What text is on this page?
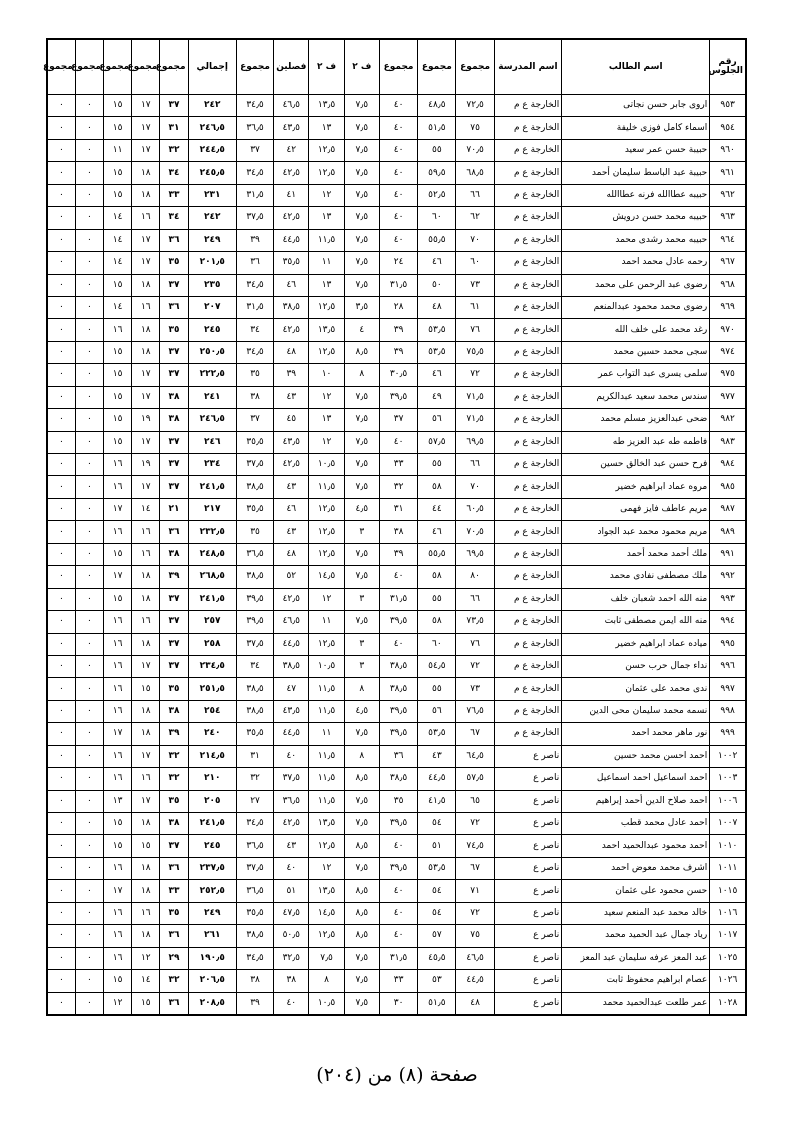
رقم الجلوس	اسم الطالب	اسم المدرسة	مجموع	مجموع	مجموع	ف ٢	ف ٢	فصلين	مجموع	إجمالي	مجموع	مجموع	مجموع	مجموع	مجموع
٩٥٣	اروى جابر حسن نجاتى	الخارجة ع م	٧٢٫٥	٤٨٫٥	٤٠	٧٫٥	١٣٫٥	٤٦٫٥	٣٤٫٥	٢٤٢	٣٧	١٧	١٥	٠	٠
٩٥٤	اسماء كامل فوزى خليفة	الخارجة ع م	٧٥	٥١٫٥	٤٠	٧٫٥	١٣	٤٣٫٥	٣٦٫٥	٢٤٦٫٥	٣١	١٧	١٥	٠	٠
٩٦٠	حبيبة حسن عمر سعيد	الخارجة ع م	٧٠٫٥	٥٥	٤٠	٧٫٥	١٢٫٥	٤٢	٣٧	٢٤٤٫٥	٣٢	١٧	١١	٠	٠
٩٦١	حبيبة عبد الباسط سليمان أحمد	الخارجة ع م	٦٨٫٥	٥٩٫٥	٤٠	٧٫٥	١٢٫٥	٤٢٫٥	٣٤٫٥	٢٤٥٫٥	٣٤	١٨	١٥	٠	٠
٩٦٢	حبيبه عطاالله فرنه عطاالله	الخارجة ع م	٦٦	٥٢٫٥	٤٠	٧٫٥	١٢	٤١	٣١٫٥	٢٣١	٣٣	١٨	١٥	٠	٠
٩٦٣	حبيبه محمد حسن درويش	الخارجة ع م	٦٢	٦٠	٤٠	٧٫٥	١٣	٤٢٫٥	٣٧٫٥	٢٤٢	٣٤	١٦	١٤	٠	٠
٩٦٤	حبيبه محمد رشدى محمد	الخارجة ع م	٧٠	٥٥٫٥	٤٠	٧٫٥	١١٫٥	٤٤٫٥	٣٩	٢٤٩	٣٦	١٧	١٤	٠	٠
٩٦٧	رحمه عادل محمد احمد	الخارجة ع م	٦٠	٤٦	٢٤	٧٫٥	١١	٣٥٫٥	٣٦	٢٠١٫٥	٣٥	١٧	١٤	٠	٠
٩٦٨	رضوى عبد الرحمن على محمد	الخارجة ع م	٧٣	٥٠	٣١٫٥	٧٫٥	١٣	٤٦	٣٤٫٥	٢٣٥	٣٧	١٨	١٥	٠	٠
٩٦٩	رضوى محمد محمود عبدالمنعم	الخارجة ع م	٦١	٤٨	٢٨	٣٫٥	١٢٫٥	٣٨٫٥	٣١٫٥	٢٠٧	٣٦	١٦	١٤	٠	٠
٩٧٠	رغد محمد على خلف الله	الخارجة ع م	٧٦	٥٣٫٥	٣٩	٤	١٣٫٥	٤٢٫٥	٣٤	٢٤٥	٣٥	١٨	١٦	٠	٠
٩٧٤	سجى محمد حسين محمد	الخارجة ع م	٧٥٫٥	٥٣٫٥	٣٩	٨٫٥	١٢٫٥	٤٨	٣٤٫٥	٢٥٠٫٥	٣٧	١٨	١٥	٠	٠
٩٧٥	سلمى يسرى عبد التواب عمر	الخارجة ع م	٧٢	٤٦	٣٠٫٥	٨	١٠	٣٩	٣٥	٢٢٢٫٥	٣٧	١٧	١٥	٠	٠
٩٧٧	سندس محمد سعيد عبدالكريم	الخارجة ع م	٧١٫٥	٤٩	٣٩٫٥	٧٫٥	١٢	٤٣	٣٨	٢٤١	٣٨	١٧	١٥	٠	٠
٩٨٢	ضحى عبدالعزيز مسلم محمد	الخارجة ع م	٧١٫٥	٥٦	٣٧	٧٫٥	١٣	٤٥	٣٧	٢٤٦٫٥	٣٨	١٩	١٥	٠	٠
٩٨٣	فاطمه طه عبد العزيز طه	الخارجة ع م	٦٩٫٥	٥٧٫٥	٤٠	٧٫٥	١٢	٤٣٫٥	٣٥٫٥	٢٤٦	٣٧	١٧	١٥	٠	٠
٩٨٤	فرح حسن عبد الخالق حسين	الخارجة ع م	٦٦	٥٥	٣٣	٧٫٥	١٠٫٥	٤٢٫٥	٣٧٫٥	٢٣٤	٣٧	١٩	١٦	٠	٠
٩٨٥	مروه عماد ابراهيم خضير	الخارجة ع م	٧٠	٥٨	٣٢	٧٫٥	١١٫٥	٤٣	٣٨٫٥	٢٤١٫٥	٣٧	١٧	١٦	٠	٠
٩٨٧	مريم عاطف فايز فهمى	الخارجة ع م	٦٠٫٥	٤٤	٣١	٤٫٥	١٢٫٥	٤٦	٣٥٫٥	٢١٧	٢١	١٤	١٧	٠	٠
٩٨٩	مريم محمود محمد عبد الجواد	الخارجة ع م	٧٠٫٥	٤٦	٣٨	٣	١٢٫٥	٤٣	٣٥	٢٣٢٫٥	٣٦	١٦	١٦	٠	٠
٩٩١	ملك أحمد محمد أحمد	الخارجة ع م	٦٩٫٥	٥٥٫٥	٣٩	٧٫٥	١٢٫٥	٤٨	٣٦٫٥	٢٤٨٫٥	٣٨	١٦	١٥	٠	٠
٩٩٢	ملك مصطفى نفادى محمد	الخارجة ع م	٨٠	٥٨	٤٠	٧٫٥	١٤٫٥	٥٢	٣٨٫٥	٢٦٨٫٥	٣٩	١٨	١٧	٠	٠
٩٩٣	منه الله احمد شعبان خلف	الخارجة ع م	٦٦	٥٥	٣١٫٥	٣	١٢	٤٢٫٥	٣٩٫٥	٢٤١٫٥	٣٧	١٨	١٥	٠	٠
٩٩٤	منه الله ايمن مصطفى ثابت	الخارجة ع م	٧٣٫٥	٥٨	٣٩٫٥	٧٫٥	١١	٤٦٫٥	٣٩٫٥	٢٥٧	٣٧	١٦	١٦	٠	٠
٩٩٥	مياده عماد ابراهيم خضير	الخارجة ع م	٧٦	٦٠	٤٠	٣	١٢٫٥	٤٤٫٥	٣٧٫٥	٢٥٨	٣٧	١٨	١٦	٠	٠
٩٩٦	نداء جمال حرب حسن	الخارجة ع م	٧٢	٥٤٫٥	٣٨٫٥	٣	١٠٫٥	٣٨٫٥	٣٤	٢٣٤٫٥	٣٧	١٧	١٦	٠	٠
٩٩٧	ندى محمد على عثمان	الخارجة ع م	٧٣	٥٥	٣٨٫٥	٨	١١٫٥	٤٧	٣٨٫٥	٢٥١٫٥	٣٥	١٥	١٦	٠	٠
٩٩٨	نسمه محمد سليمان محى الدين	الخارجة ع م	٧٦٫٥	٥٦	٣٩٫٥	٤٫٥	١١٫٥	٤٣٫٥	٣٨٫٥	٢٥٤	٣٨	١٨	١٦	٠	٠
٩٩٩	نور ماهر محمد احمد	الخارجة ع م	٦٧	٥٣٫٥	٣٩٫٥	٧٫٥	١١	٤٤٫٥	٣٥٫٥	٢٤٠	٣٩	١٨	١٧	٠	٠
١٠٠٢	احمد احسن محمد حسين	ناصر ع	٦٤٫٥	٤٣	٣٦	٨	١١٫٥	٤٠	٣١	٢١٤٫٥	٣٢	١٧	١٦	٠	٠
١٠٠٣	احمد اسماعيل احمد اسماعيل	ناصر ع	٥٧٫٥	٤٤٫٥	٣٨٫٥	٨٫٥	١١٫٥	٣٧٫٥	٣٢	٢١٠	٣٢	١٦	١٦	٠	٠
١٠٠٦	احمد صلاح الدين أحمد إبراهيم	ناصر ع	٦٥	٤١٫٥	٣٥	٧٫٥	١١٫٥	٣٦٫٥	٢٧	٢٠٥	٣٥	١٧	١٣	٠	٠
١٠٠٧	احمد عادل محمد قطب	ناصر ع	٧٢	٥٤	٣٩٫٥	٧٫٥	١٣٫٥	٤٢٫٥	٣٤٫٥	٢٤١٫٥	٣٨	١٨	١٥	٠	٠
١٠١٠	احمد محمود عبدالحميد احمد	ناصر ع	٧٤٫٥	٥١	٤٠	٨٫٥	١٢٫٥	٤٣	٣٦٫٥	٢٤٥	٣٧	١٥	١٥	٠	٠
١٠١١	اشرف محمد معوض احمد	ناصر ع	٦٧	٥٣٫٥	٣٩٫٥	٧٫٥	١٢	٤٠	٣٧٫٥	٢٣٧٫٥	٣٦	١٨	١٦	٠	٠
١٠١٥	حسن محمود على عثمان	ناصر ع	٧١	٥٤	٤٠	٨٫٥	١٣٫٥	٥١	٣٦٫٥	٢٥٢٫٥	٣٣	١٨	١٧	٠	٠
١٠١٦	خالد محمد عبد المنعم سعيد	ناصر ع	٧٢	٥٤	٤٠	٨٫٥	١٤٫٥	٤٧٫٥	٣٥٫٥	٢٤٩	٣٥	١٦	١٦	٠	٠
١٠١٧	رياد جمال عبد الحميد محمد	ناصر ع	٧٥	٥٧	٤٠	٨٫٥	١٢٫٥	٥٠٫٥	٣٨٫٥	٢٦١	٣٦	١٨	١٦	٠	٠
١٠٢٥	عبد المعز عرفه سليمان عبد المعز	ناصر ع	٤٦٫٥	٤٥٫٥	٣١٫٥	٧٫٥	٧٫٥	٣٢٫٥	٣٤٫٥	١٩٠٫٥	٢٩	١٢	١٦	٠	٠
١٠٢٦	عصام ابراهيم محفوظ ثابت	ناصر ع	٤٤٫٥	٥٣	٣٣	٧٫٥	٨	٣٨	٣٨	٢٠٦٫٥	٣٢	١٤	١٥	٠	٠
١٠٢٨	عمر طلعت عبدالحميد محمد	ناصر ع	٤٨	٥١٫٥	٣٠	٧٫٥	١٠٫٥	٤٠	٣٩	٢٠٨٫٥	٣٦	١٥	١٢	٠	٠
صفحة (٨) من (٢٠٤)
